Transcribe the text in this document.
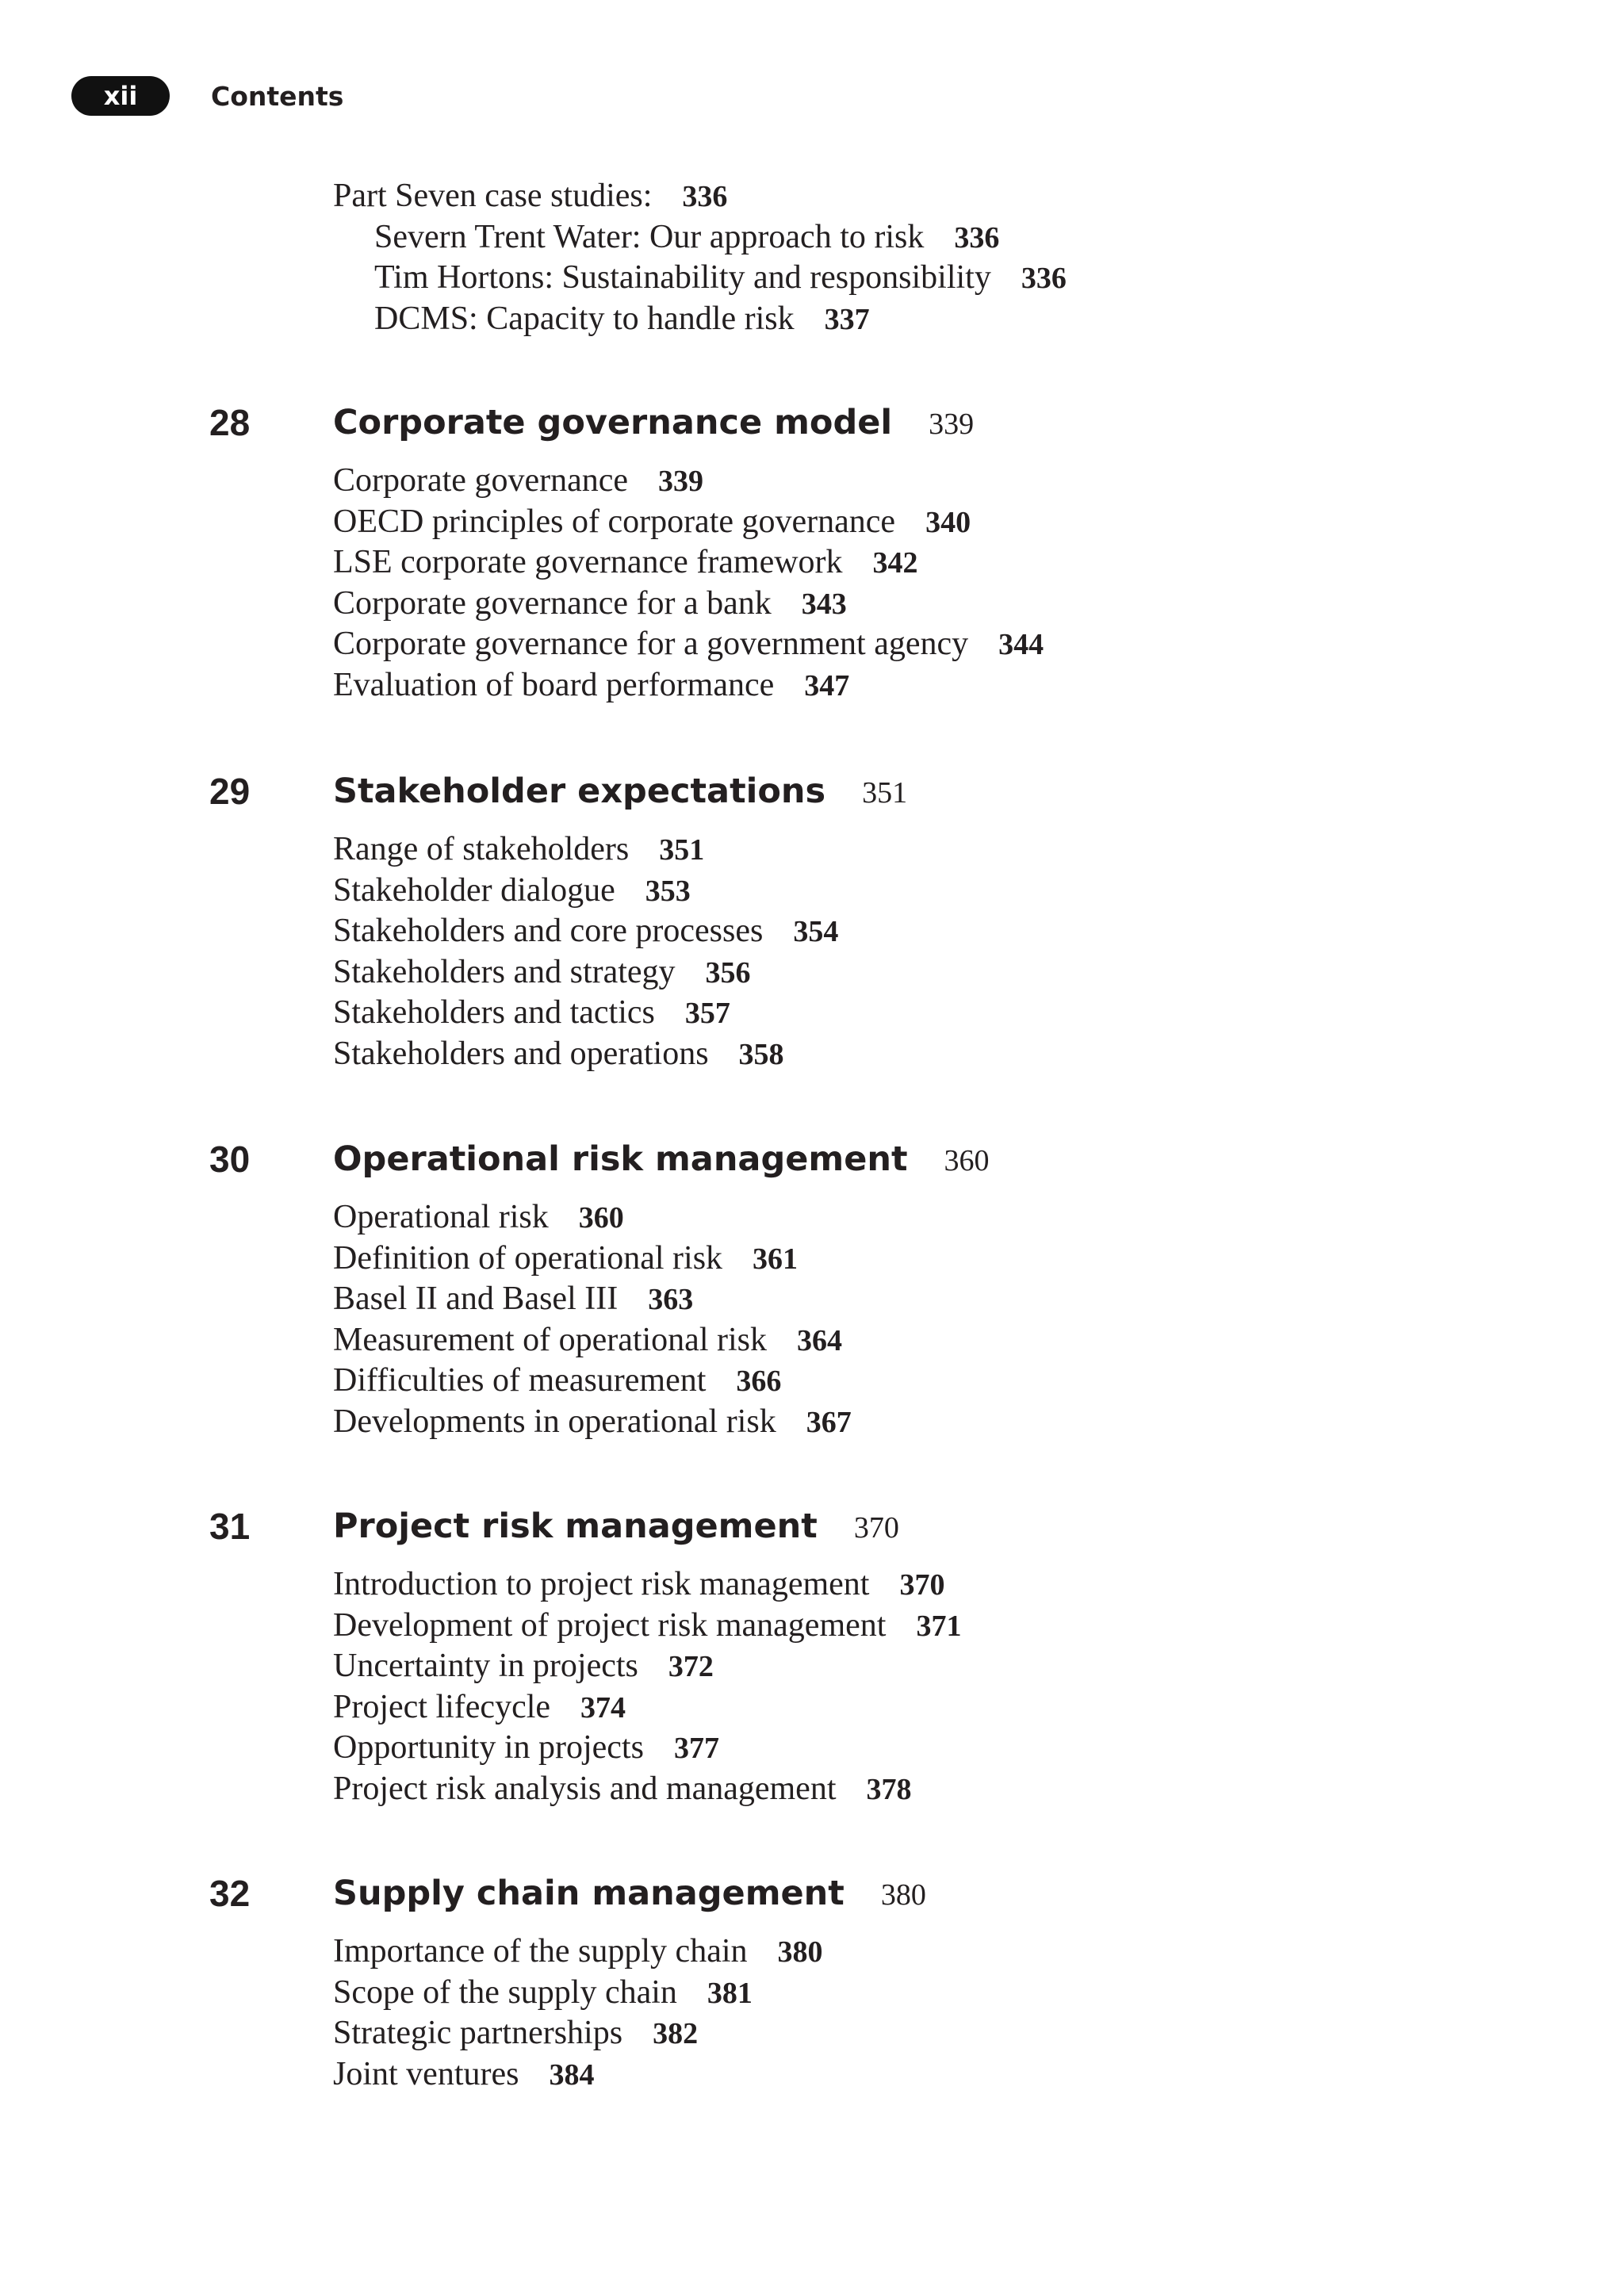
xii	Contents
Part Seven case studies: 336
Severn Trent Water: Our approach to risk 336
Tim Hortons: Sustainability and responsibility 336
DCMS: Capacity to handle risk 337
28 Corporate governance model 339
Corporate governance 339
OECD principles of corporate governance 340
LSE corporate governance framework 342
Corporate governance for a bank 343
Corporate governance for a government agency 344
Evaluation of board performance 347
29 Stakeholder expectations 351
Range of stakeholders 351
Stakeholder dialogue 353
Stakeholders and core processes 354
Stakeholders and strategy 356
Stakeholders and tactics 357
Stakeholders and operations 358
30 Operational risk management 360
Operational risk 360
Definition of operational risk 361
Basel II and Basel III 363
Measurement of operational risk 364
Difficulties of measurement 366
Developments in operational risk 367
31 Project risk management 370
Introduction to project risk management 370
Development of project risk management 371
Uncertainty in projects 372
Project lifecycle 374
Opportunity in projects 377
Project risk analysis and management 378
32 Supply chain management 380
Importance of the supply chain 380
Scope of the supply chain 381
Strategic partnerships 382
Joint ventures 384
